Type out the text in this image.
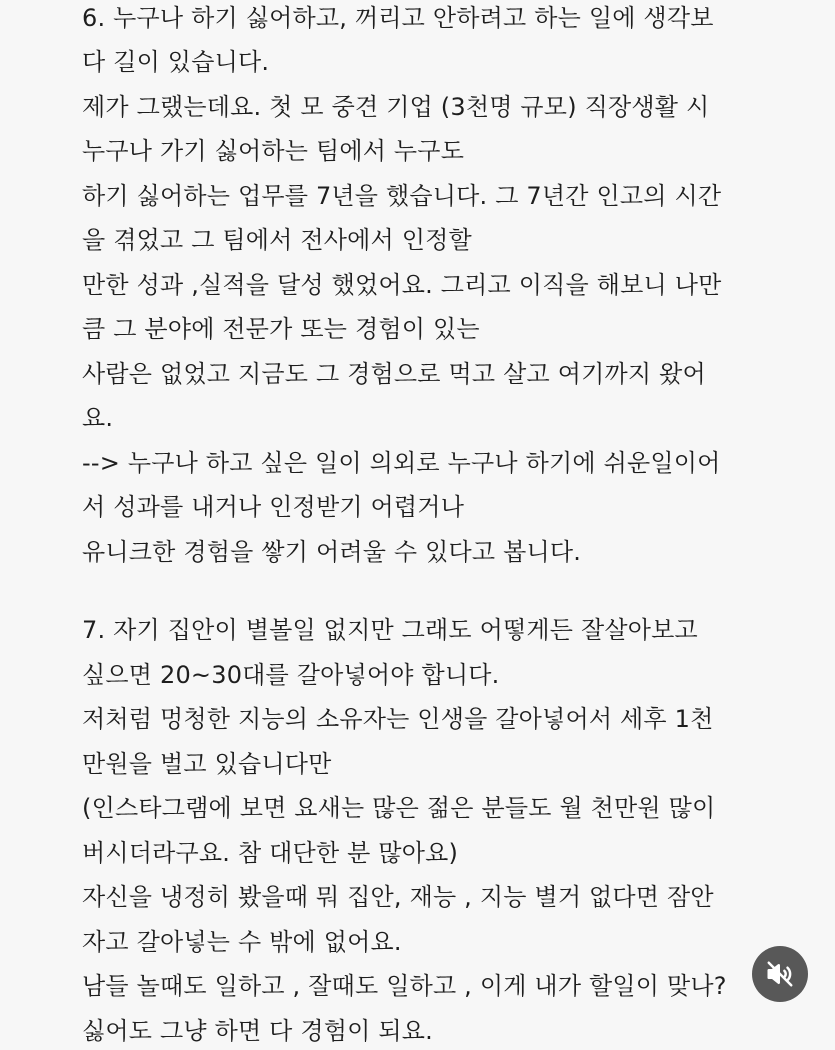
6. 누구나 하기 싫어하고, 꺼리고 안하려고 하는 일에 생각보
다 길이 있습니다.
제가 그랬는데요. 첫 모 중견 기업 (3천명 규모) 직장생활 시
누구나 가기 싫어하는 팀에서 누구도
하기 싫어하는 업무를 7년을 했습니다. 그 7년간 인고의 시간
을 겪었고 그 팀에서 전사에서 인정할
만한 성과 ,실적을 달성 했었어요. 그리고 이직을 해보니 나만
큼 그 분야에 전문가 또는 경험이 있는
사람은 없었고 지금도 그 경험으로 먹고 살고 여기까지 왔어
요.
--> 누구나 하고 싶은 일이 의외로 누구나 하기에 쉬운일이어
서 성과를 내거나 인정받기 어렵거나
유니크한 경험을 쌓기 어려울 수 있다고 봅니다.
7. 자기 집안이 별볼일 없지만 그래도 어떻게든 잘살아보고
싶으면 20~30대를 갈아넣어야 합니다.
저처럼 멍청한 지능의 소유자는 인생을 갈아넣어서 세후 1천
만원을 벌고 있습니다만
(인스타그램에 보면 요새는 많은 젊은 분들도 월 천만원 많이
버시더라구요. 참 대단한 분 많아요)
자신을 냉정히 봤을때 뭐 집안, 재능 , 지능 별거 없다면 잠안
자고 갈아넣는 수 밖에 없어요.
남들 놀때도 일하고 , 잘때도 일하고 , 이게 내가 할일이 맞나?
싫어도 그냥 하면 다 경험이 되요.
